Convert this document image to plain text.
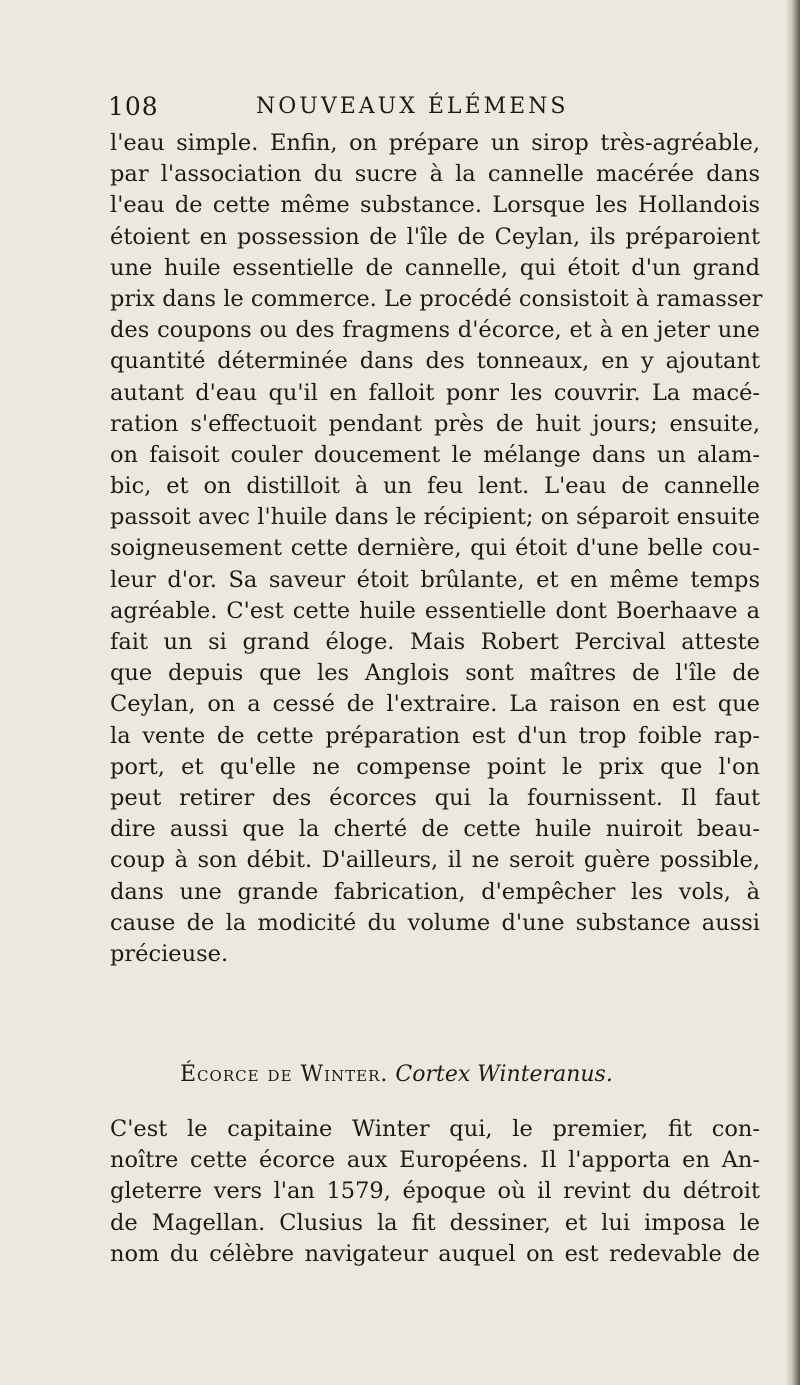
108	NOUVEAUX ÉLÉMENS
l'eau simple. Enfin, on prépare un sirop très-agréable,
par l'association du sucre à la cannelle macérée dans
l'eau de cette même substance. Lorsque les Hollandois
étoient en possession de l'île de Ceylan, ils préparoient
une huile essentielle de cannelle, qui étoit d'un grand
prix dans le commerce. Le procédé consistoit à ramasser
des coupons ou des fragmens d'écorce, et à en jeter une
quantité déterminée dans des tonneaux, en y ajoutant
autant d'eau qu'il en falloit ponr les couvrir. La macé-
ration s'effectuoit pendant près de huit jours; ensuite,
on faisoit couler doucement le mélange dans un alam-
bic, et on distilloit à un feu lent. L'eau de cannelle
passoit avec l'huile dans le récipient; on séparoit ensuite
soigneusement cette dernière, qui étoit d'une belle cou-
leur d'or. Sa saveur étoit brûlante, et en même temps
agréable. C'est cette huile essentielle dont Boerhaave a
fait un si grand éloge. Mais Robert Percival atteste
que depuis que les Anglois sont maîtres de l'île de
Ceylan, on a cessé de l'extraire. La raison en est que
la vente de cette préparation est d'un trop foible rap-
port, et qu'elle ne compense point le prix que l'on
peut retirer des écorces qui la fournissent. Il faut
dire aussi que la cherté de cette huile nuiroit beau-
coup à son débit. D'ailleurs, il ne seroit guère possible,
dans une grande fabrication, d'empêcher les vols, à
cause de la modicité du volume d'une substance aussi
précieuse.
Écorce de Winter. Cortex Winteranus.
C'est le capitaine Winter qui, le premier, fit con-
noître cette écorce aux Européens. Il l'apporta en An-
gleterre vers l'an 1579, époque où il revint du détroit
de Magellan. Clusius la fit dessiner, et lui imposa le
nom du célèbre navigateur auquel on est redevable de
